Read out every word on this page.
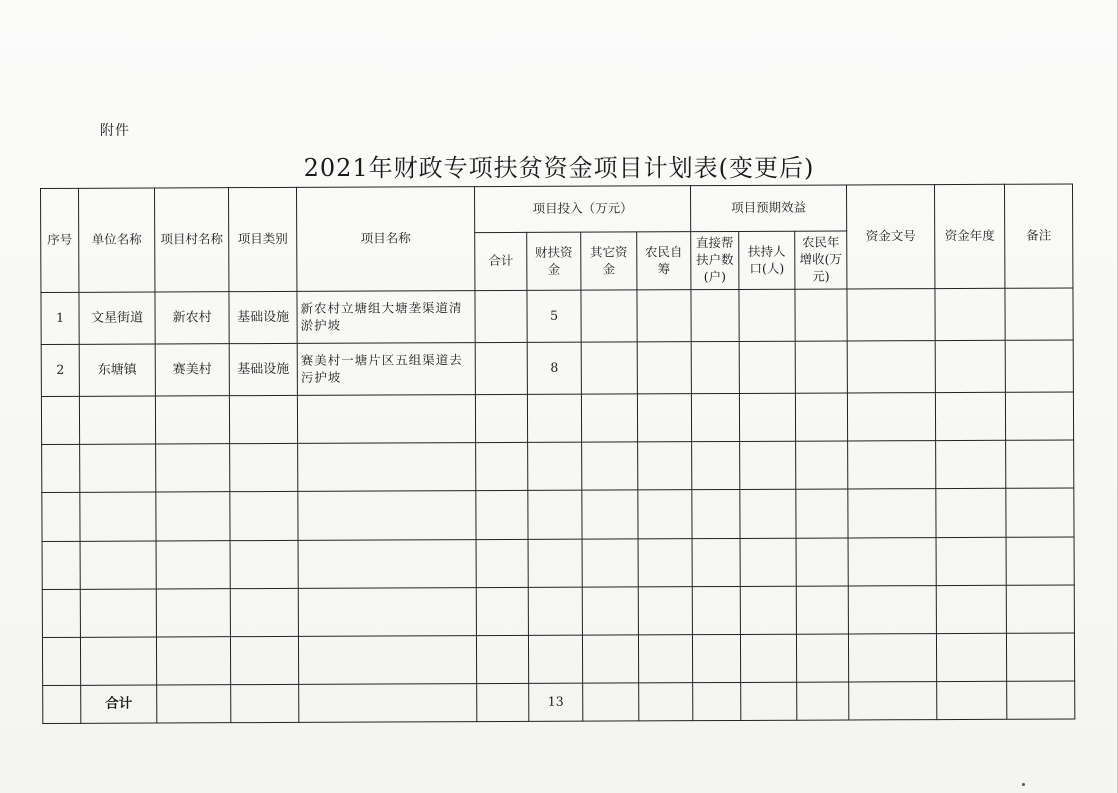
附件
2021年财政专项扶贫资金项目计划表(变更后)
序号	单位名称	项目村名称	项目类别	项目名称	项目投入（万元）				项目预期效益			资金文号	资金年度	备注
					合计	财扶资金	其它资金	农民自筹	直接帮扶户数(户)	扶持人口(人)	农民年增收(万元)			
1	文星街道	新农村	基础设施	新农村立塘组大塘垄渠道清淤护坡		5								
2	东塘镇	赛美村	基础设施	赛美村一塘片区五组渠道去污护坡		8								

	合计					13								
